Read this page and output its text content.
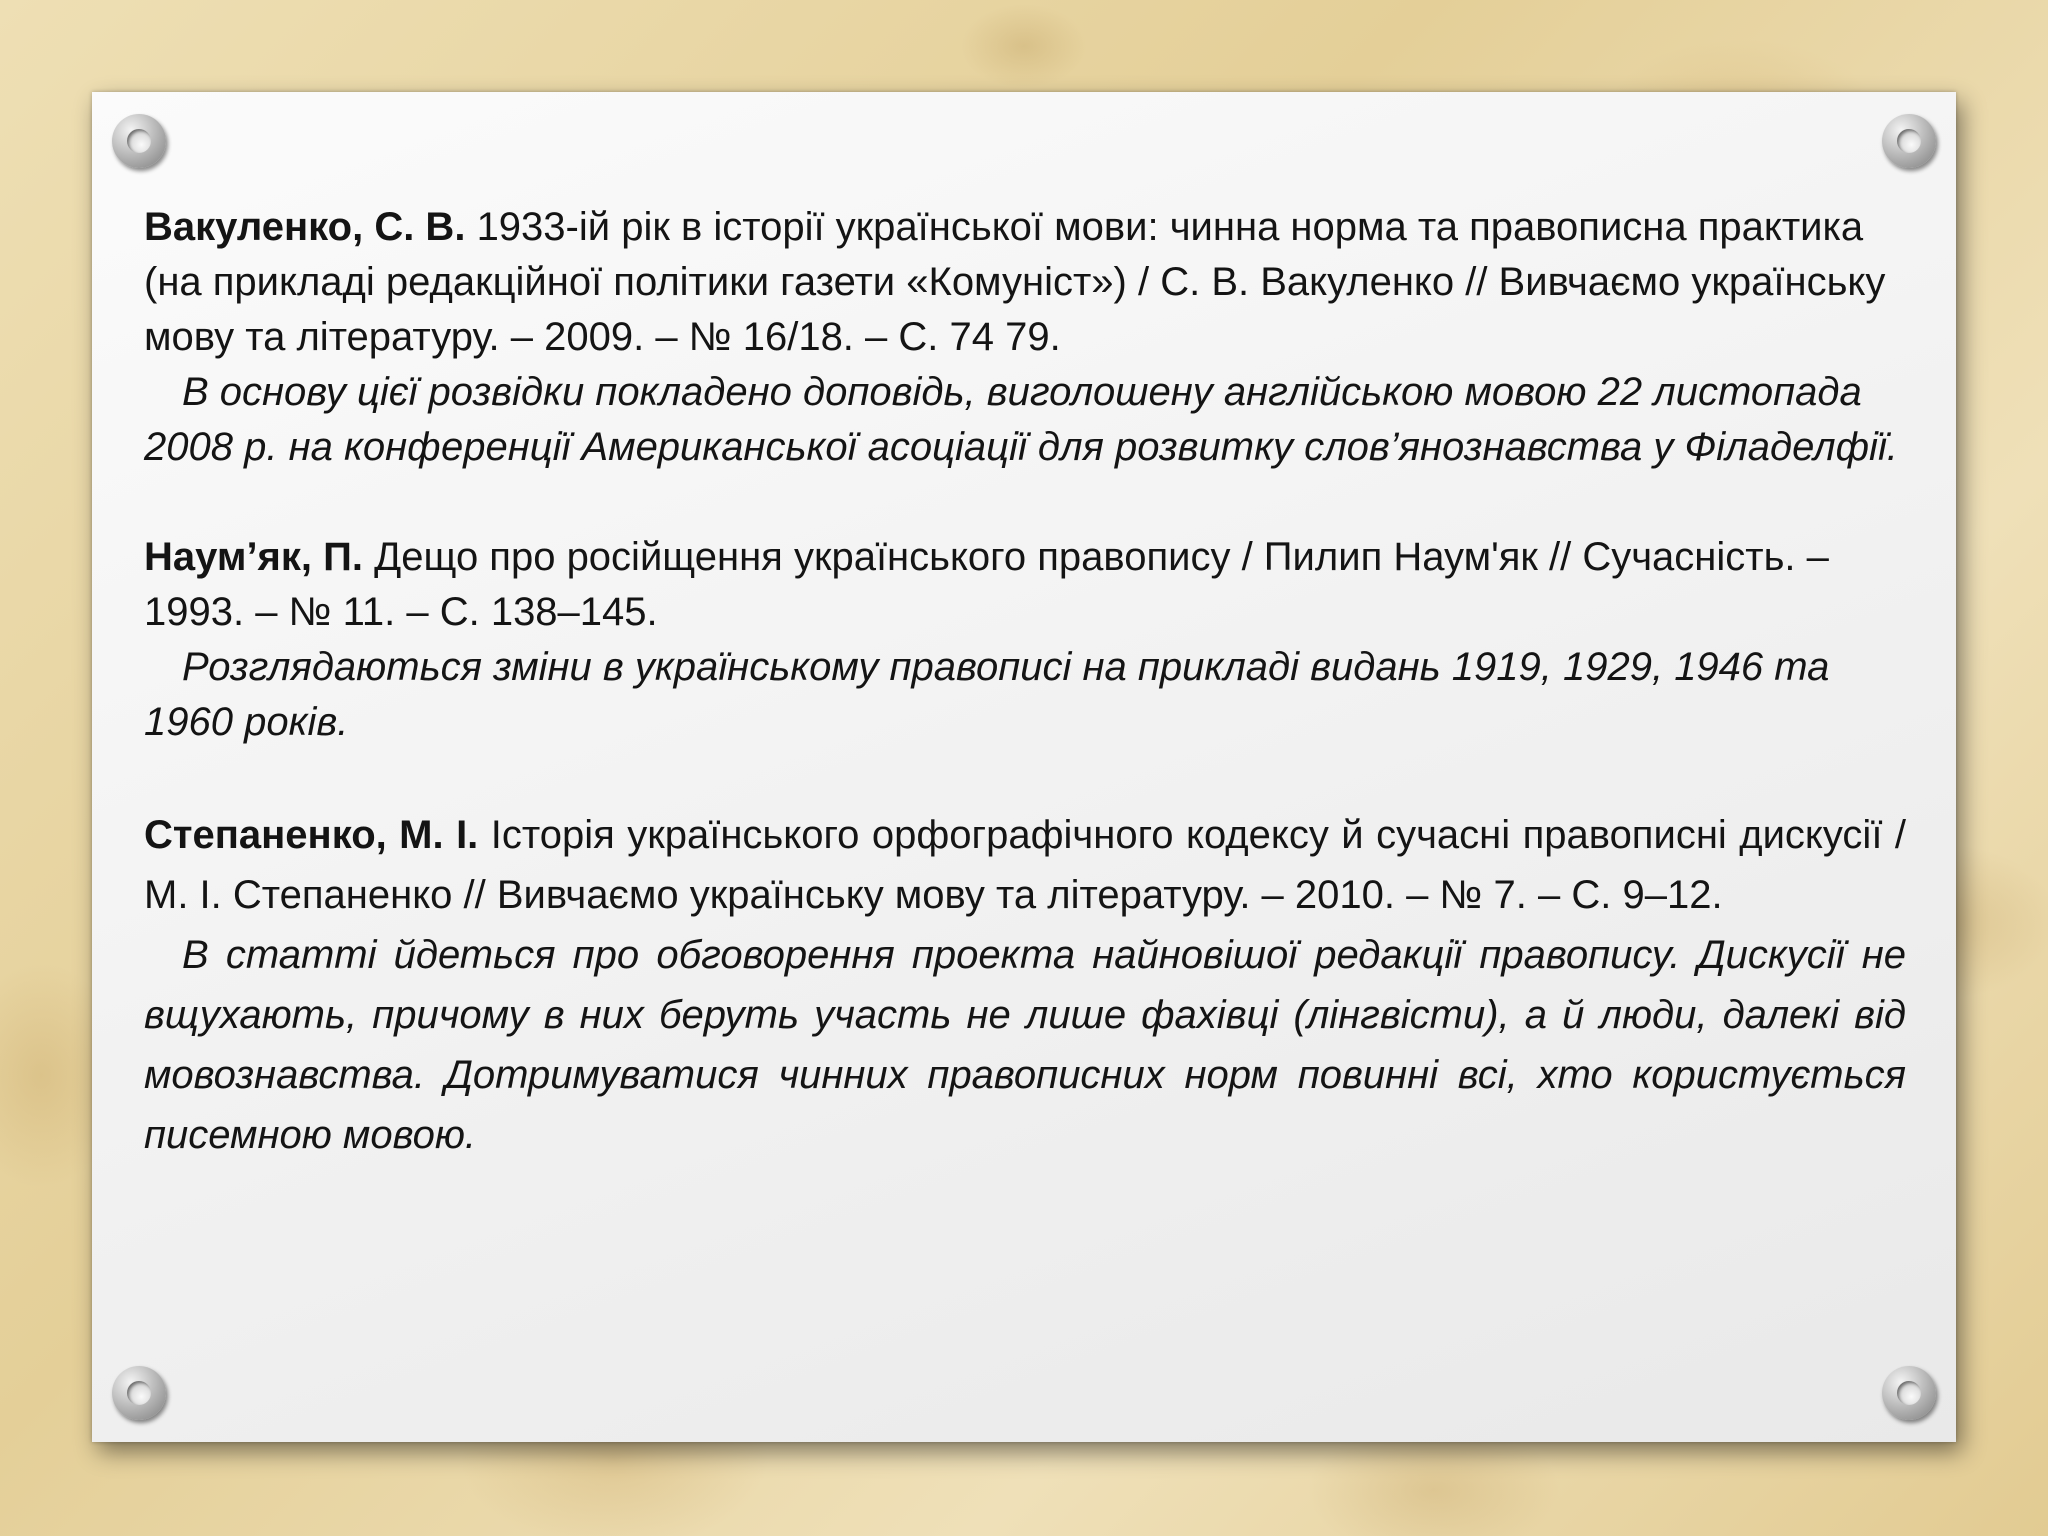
Вакуленко, С. В. 1933-ій рік в історії української мови: чинна норма та правописна практика (на прикладі редакційної політики газети «Комуніст») / С. В. Вакуленко // Вивчаємо українську мову та літературу. – 2009. – № 16/18. – С. 74 79.

В основу цієї розвідки покладено доповідь, виголошену англійською мовою 22 листопада 2008 р. на конференції Американської асоціації для розвитку слов’янознавства у Філаделфії.

Наум’як, П. Дещо про російщення українського правопису / Пилип Наум'як // Сучасність. – 1993. – № 11. – С. 138–145.

Розглядаються зміни в українському правописі на прикладі видань 1919, 1929, 1946 та 1960 років.

Степаненко, М. І. Історія українського орфографічного кодексу й сучасні правописні дискусії / М. І. Степаненко // Вивчаємо українську мову та літературу. – 2010. – № 7. – С. 9–12.

В статті йдеться про обговорення проекта найновішої редакції правопису. Дискусії не вщухають, причому в них беруть участь не лише фахівці (лінгвісти), а й люди, далекі від мовознавства. Дотримуватися чинних правописних норм повинні всі, хто користується писемною мовою.
